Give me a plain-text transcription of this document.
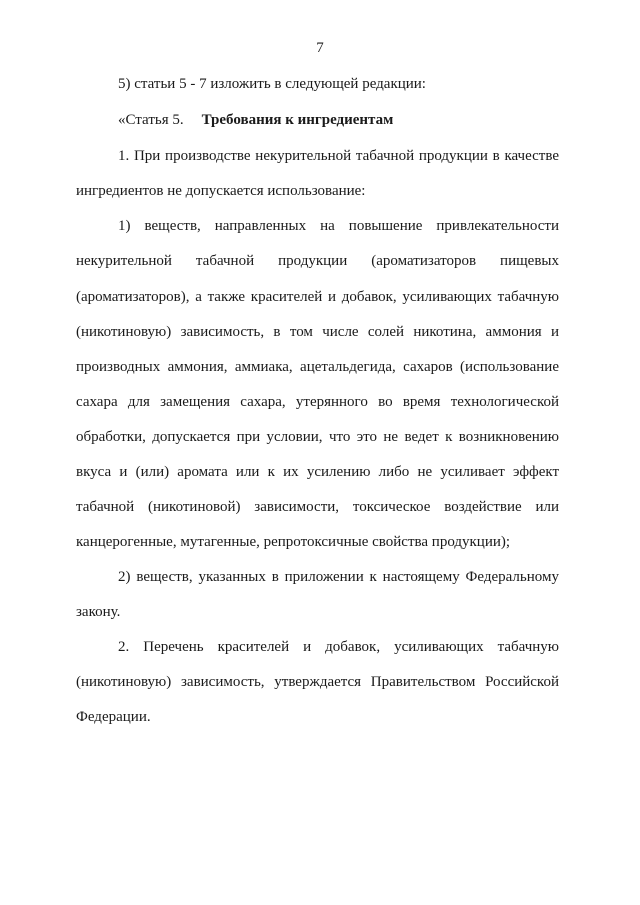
7
5) статьи 5 - 7 изложить в следующей редакции:
«Статья 5. Требования к ингредиентам
1. При производстве некурительной табачной продукции в качестве
ингредиентов не допускается использование:
1) веществ, направленных на повышение привлекательности
некурительной табачной продукции (ароматизаторов пищевых
(ароматизаторов), а также красителей и добавок, усиливающих табачную
(никотиновую) зависимость, в том числе солей никотина, аммония и
производных аммония, аммиака, ацетальдегида, сахаров (использование
сахара для замещения сахара, утерянного во время технологической
обработки, допускается при условии, что это не ведет к возникновению
вкуса и (или) аромата или к их усилению либо не усиливает эффект
табачной (никотиновой) зависимости, токсическое воздействие или
канцерогенные, мутагенные, репротоксичные свойства продукции);
2) веществ, указанных в приложении к настоящему Федеральному
закону.
2. Перечень красителей и добавок, усиливающих табачную
(никотиновую) зависимость, утверждается Правительством Российской
Федерации.
